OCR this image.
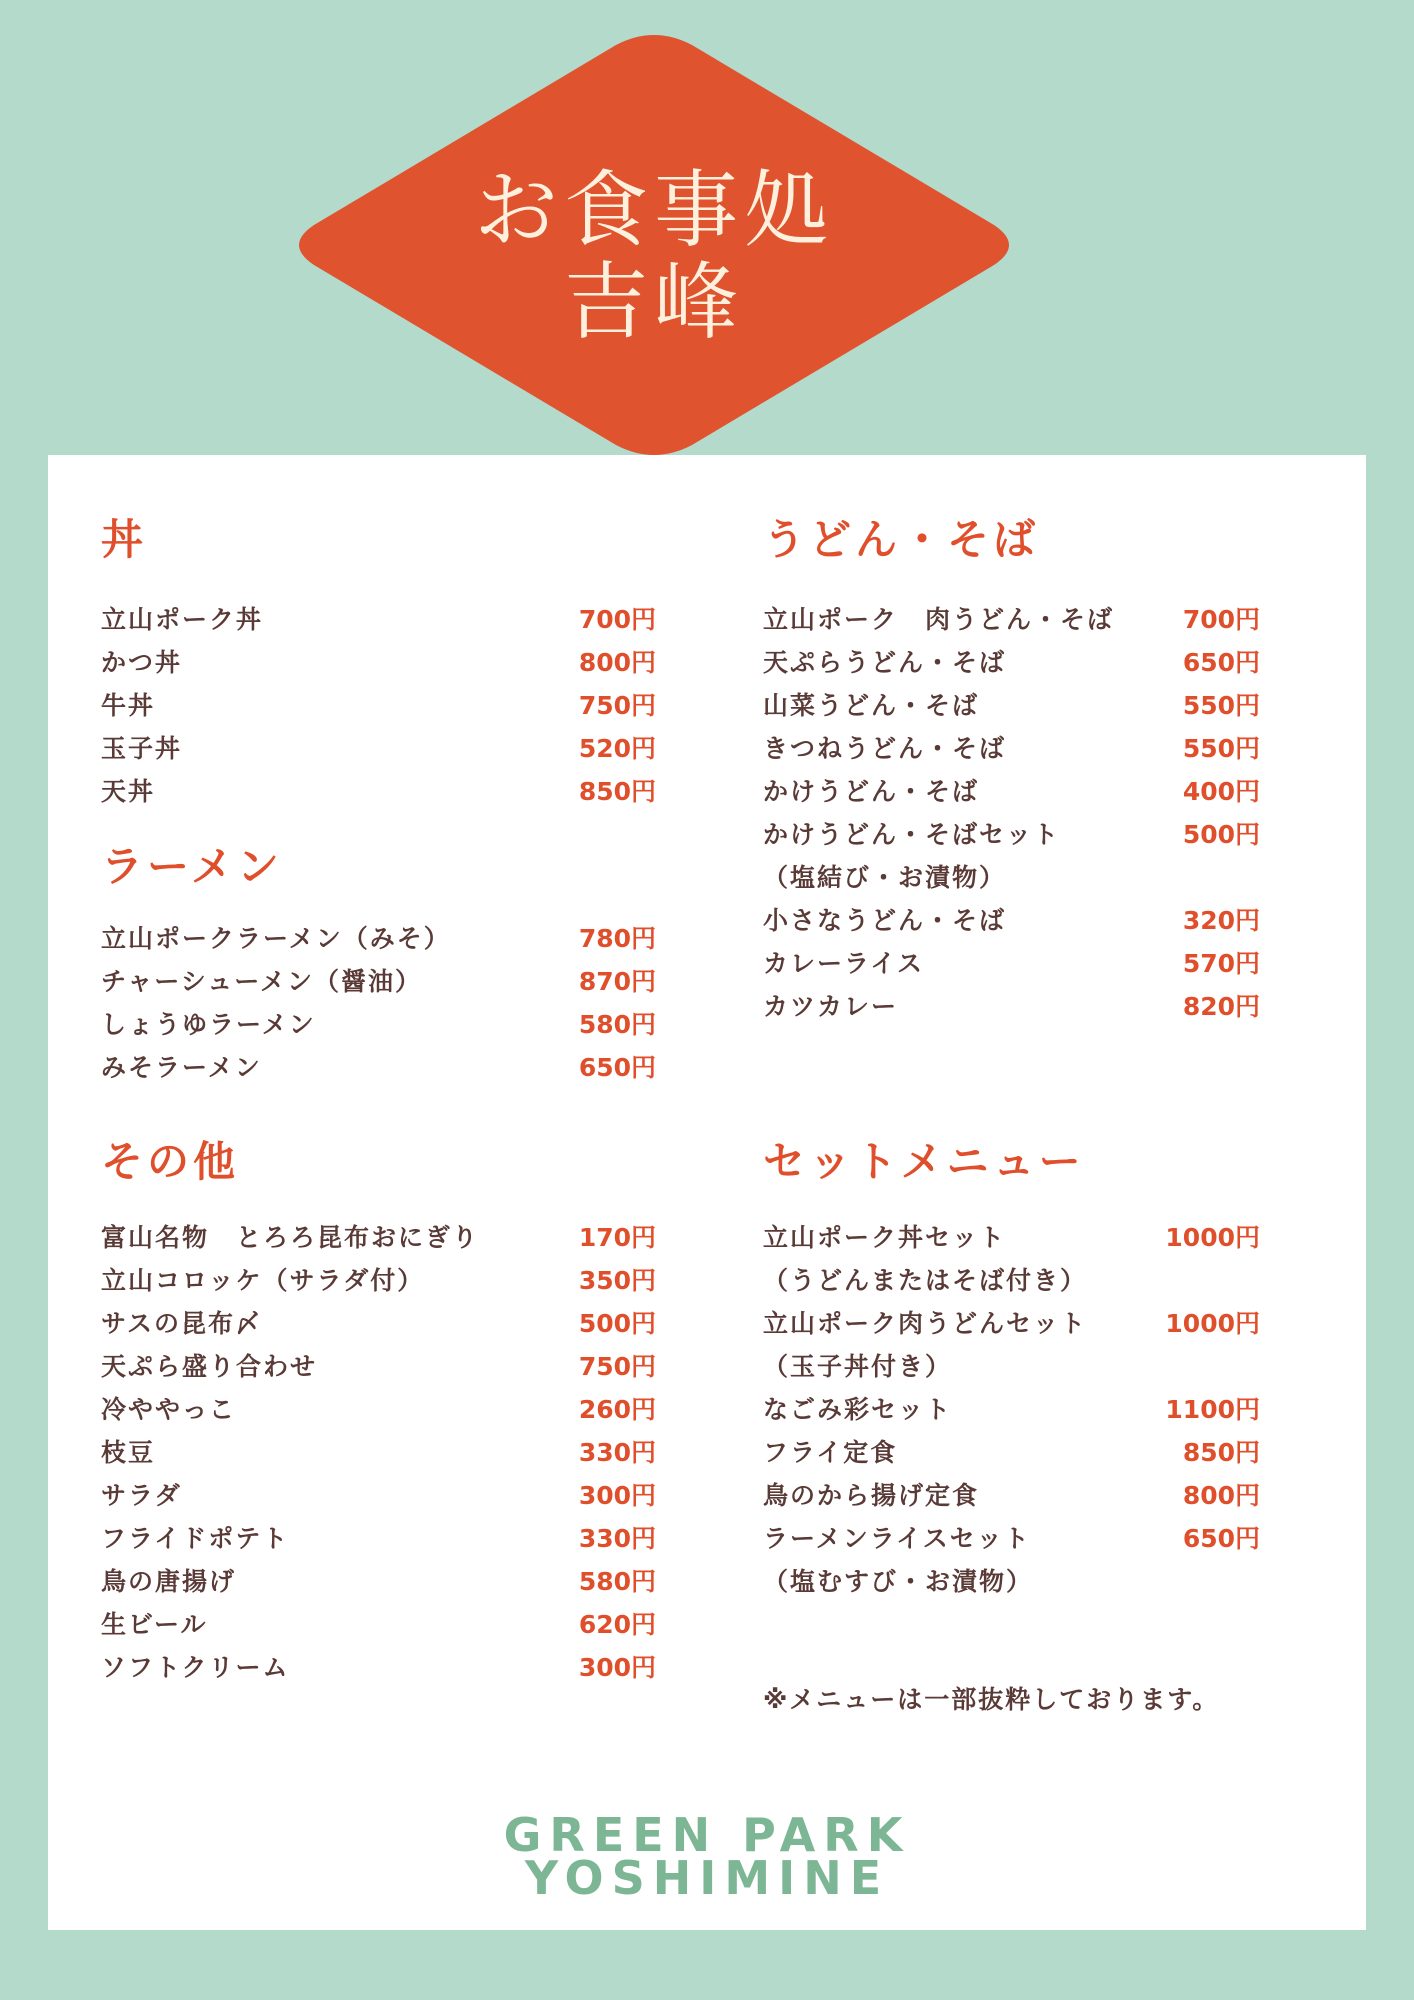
お食事処
吉峰
丼
立山ポーク丼	700円
かつ丼	800円
牛丼	750円
玉子丼	520円
天丼	850円
ラーメン
立山ポークラーメン（みそ）	780円
チャーシューメン（醤油）	870円
しょうゆラーメン	580円
みそラーメン	650円
その他
富山名物　とろろ昆布おにぎり	170円
立山コロッケ（サラダ付）	350円
サスの昆布〆	500円
天ぷら盛り合わせ	750円
冷ややっこ	260円
枝豆	330円
サラダ	300円
フライドポテト	330円
鳥の唐揚げ	580円
生ビール	620円
ソフトクリーム	300円
うどん・そば
立山ポーク　肉うどん・そば	700円
天ぷらうどん・そば	650円
山菜うどん・そば	550円
きつねうどん・そば	550円
かけうどん・そば	400円
かけうどん・そばセット	500円
（塩結び・お漬物）
小さなうどん・そば	320円
カレーライス	570円
カツカレー	820円
セットメニュー
立山ポーク丼セット	1000円
（うどんまたはそば付き）
立山ポーク肉うどんセット	1000円
（玉子丼付き）
なごみ彩セット	1100円
フライ定食	850円
鳥のから揚げ定食	800円
ラーメンライスセット	650円
（塩むすび・お漬物）
※メニューは一部抜粋しております。
GREEN PARK
YOSHIMINE
